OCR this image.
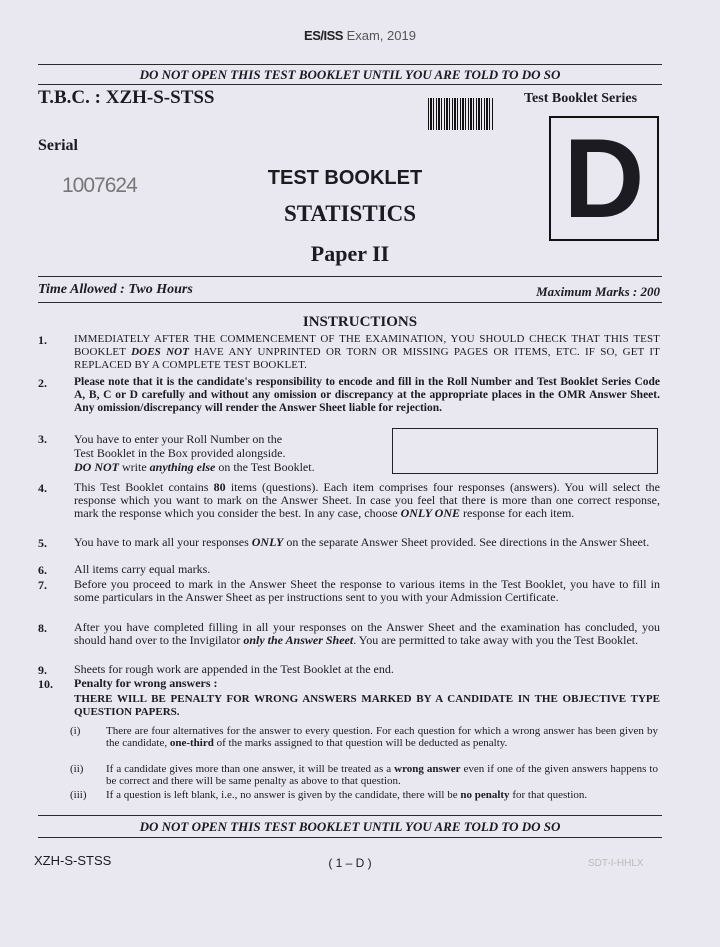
ES/ISS Exam, 2019
DO NOT OPEN THIS TEST BOOKLET UNTIL YOU ARE TOLD TO DO SO
T.B.C. : XZH-S-STSS	Test Booklet Series
Serial
1007624	D
TEST BOOKLET
STATISTICS
Paper II
Time Allowed : Two Hours	Maximum Marks : 200
INSTRUCTIONS
1. IMMEDIATELY AFTER THE COMMENCEMENT OF THE EXAMINATION, YOU SHOULD CHECK THAT THIS TEST BOOKLET DOES NOT HAVE ANY UNPRINTED OR TORN OR MISSING PAGES OR ITEMS, ETC. IF SO, GET IT REPLACED BY A COMPLETE TEST BOOKLET.
2. Please note that it is the candidate's responsibility to encode and fill in the Roll Number and Test Booklet Series Code A, B, C or D carefully and without any omission or discrepancy at the appropriate places in the OMR Answer Sheet. Any omission/discrepancy will render the Answer Sheet liable for rejection.
3. You have to enter your Roll Number on the
Test Booklet in the Box provided alongside.
DO NOT write anything else on the Test Booklet.
4. This Test Booklet contains 80 items (questions). Each item comprises four responses (answers). You will select the response which you want to mark on the Answer Sheet. In case you feel that there is more than one correct response, mark the response which you consider the best. In any case, choose ONLY ONE response for each item.
5. You have to mark all your responses ONLY on the separate Answer Sheet provided. See directions in the Answer Sheet.
6. All items carry equal marks.
7. Before you proceed to mark in the Answer Sheet the response to various items in the Test Booklet, you have to fill in some particulars in the Answer Sheet as per instructions sent to you with your Admission Certificate.
8. After you have completed filling in all your responses on the Answer Sheet and the examination has concluded, you should hand over to the Invigilator only the Answer Sheet. You are permitted to take away with you the Test Booklet.
9. Sheets for rough work are appended in the Test Booklet at the end.
10. Penalty for wrong answers :
THERE WILL BE PENALTY FOR WRONG ANSWERS MARKED BY A CANDIDATE IN THE OBJECTIVE TYPE QUESTION PAPERS.
(i) There are four alternatives for the answer to every question. For each question for which a wrong answer has been given by the candidate, one-third of the marks assigned to that question will be deducted as penalty.
(ii) If a candidate gives more than one answer, it will be treated as a wrong answer even if one of the given answers happens to be correct and there will be same penalty as above to that question.
(iii) If a question is left blank, i.e., no answer is given by the candidate, there will be no penalty for that question.
DO NOT OPEN THIS TEST BOOKLET UNTIL YOU ARE TOLD TO DO SO
XZH-S-STSS	( 1 – D )	SDT-I-HHLX
